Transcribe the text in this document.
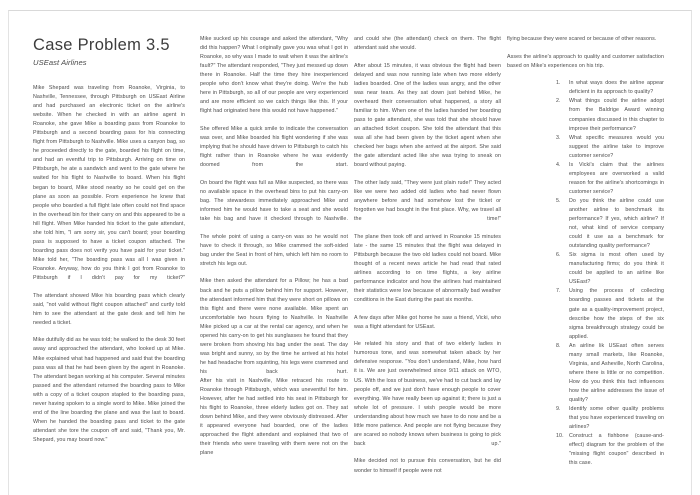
Case Problem 3.5
USEast Airlines

Mike Shepard was traveling from Roanoke, Virginia, to Nashville, Tennessee, through Pittsburgh on USEast Airline and had purchased an electronic ticket on the airline's website. When he checked in with an airline agent in Roanoke, she gave Mike a boarding pass from Roanoke to Pittsburgh and a second boarding pass for his connecting flight from Pittsburgh to Nashville. Mike uses a canyon bag, so he proceeded directly to the gate, boarded his flight on time, and had an eventful trip to Pittsburgh. Arriving on time on Pittsburgh, he ate a sandwich and went to the gate where he waited for his flight to Nashville to board. When his flight began to board, Mike stood nearby so he could get on the plane as soon as possible. From experience he knew that people who boarded a full flight late often could not find space in the overhead bin for their carry on and this appeared to be a hill flight. When Mike handed his ticket to the gate attendant, she told him, "I am sorry sir, you can't board; your boarding pass is supposed to have a ticket coupon attached. The boarding pass does not verify you have paid for your ticket." Mike told her, "The boarding pass was all I was given in Roanoke. Anyway, how do you think I got from Roanoke to Pittsburgh if I didn't pay for my ticket?"

The attendant showed Mike his boarding pass which clearly said, "not valid without flight coupon attached" and curtly told him to see the attendant at the gate desk and tell him he needed a ticket.

Mike dutifully did as he was told; he walked to the desk 30 feet away and approached the attendant, who looked up at Mike. Mike explained what had happened and said that the boarding pass was all that he had been given by the agent in Roanoke. The attendant began working at his computer. Several minutes passed and the attendant returned the boarding pass to Mike with a copy of a ticket coupon stapled to the boarding pass, never having spoken to a single word to Mike. Mike joined the end of the line boarding the plane and was the last to board. When he handed the boarding pass and ticket to the gate attendant she tore the coupon off and said, "Thank you, Mr. Shepard, you may board now."

Mike sucked up his courage and asked the attendant, "Why did this happen? What I originally gave you was what I got in Roanoke, so why was I made to wait when it was the airline's fault?" The attendant responded, "They just messed up down there in Roanoke. Half the time they hire inexperienced people who don't know what they're doing. We're the hub here in Pittsburgh, so all of our people are very experienced and are more efficient so we catch things like this. If your flight had originated here this would not have happened."

She offered Mike a quick smile to indicate the conversation was over, and Mike boarded his flight wondering if she was implying that he should have driven to Pittsburgh to catch his flight rather than in Roanoke where he was evidently doomed from the start.

On board the flight was full as Mike suspected, so there was no available space in the overhead bins to put his carry-on bag. The stewardess immediately approached Mike and informed him he would have to take a seat and she would take his bag and have it checked through to Nashville.

The whole point of using a carry-on was so he would not have to check it through, so Mike crammed the soft-sided bag under the Seat in front of him, which left him no room to stretch his legs out.

Mike then asked the attendant for a Pillow; he has a bad back and he puts a pillow behind him for support. However, the attendant informed him that they were short on pillows on this flight and there were none available. Mike spent an uncomfortable two hours flying to Nashville. In Nashville Mike picked up a car at the rental car agency, and when he opened his carry-on to get his sunglasses he found that they were broken from shoving his bag under the seat. The day was bright and sunny, so by the time he arrived at his hotel he had headache from squinting, his legs were crammed and his back hurt.

After his visit in Nashville, Mike retraced his route to Roanoke through Pittsburgh, which was uneventful for him. However, after he had settled into his seat in Pittsburgh for his flight to Roanoke, three elderly ladies got on. They sat down behind Mike, and they were obviously distressed. After it appeared everyone had boarded, one of the ladies approached the flight attendant and explained that two of their friends who were traveling with them were not on the plane

and could she (the attendant) check on them. The flight attendant said she would.

After about 15 minutes, it was obvious the flight had been delayed and was now running late when two more elderly ladies boarded. One of the ladies was angry, and the other was near tears. As they sat down just behind Mike, he overheard their conversation what happened, a story all familiar to him. When one of the ladies handed her boarding pass to gate attendant, she was told that she should have an attached ticket coupon. She told the attendant that this was all she had been given by the ticket agent when she checked her bags when she arrived at the airport. She said the gate attendant acted like she was trying to sneak on board without paying.

The other lady said, "They were just plain rude!" They acted like we were two added old ladies who had never flown anywhere before and had somehow lost the ticket or forgotten we had bought in the first place. Why, we travel all the time!"

The plane then took off and arrived in Roanoke 15 minutes late - the same 15 minutes that the flight was delayed in Pittsburgh because the two old ladies could not board. Mike thought of a recent news article he had read that rated airlines according to on time flights, a key airline performance indicator and how the airlines had maintained their statistics were low because of abnormally bad weather conditions in the East during the past six months.

A few days after Mike got home he saw a friend, Vicki, who was a flight attendant for USEast.

He related his story and that of two elderly ladies in humorous tone, and was somewhat taken aback by her defensive response. "You don't understand, Mike, how hard it is. We are just overwhelmed since 9/11 attack on WTO, US. With the loss of business, we've had to cut back and lay people off, and we just don't have enough people to cover everything. We have really been up against it; there is just a whole lot of pressure. I wish people would be more understanding about how much we have to do now and be a little more patience. And people are not flying because they are scared so nobody knows when business is going to pick back up."

Mike decided not to pursue this conversation, but he did wonder to himself if people were not

flying because they were scared or because of other reasons.

Asses the airline's approach to quality and customer satisfaction based on Mike's experiences on his trip.

In what ways does the airline appear deficient in its approach to quality?
What things could the airline adopt from the Baldrige Award winning companies discussed in this chapter to improve their performance?
What specific measures would you suggest the airline take to improve customer service?
Is Vicki's claim that the airlines employees are overworked a valid reason for the airline's shortcomings in customer service?
Do you think the airline could use another airline to benchmark its performance? If yes, which airline? If not, what kind of service company could it use as a benchmark for outstanding quality performance?
Six sigma is most often used by manufacturing firms; do you think it could be applied to an airline like USEast?
Using the process of collecting boarding passes and tickets at the gate as a quality-improvement project, describe how the steps of the six sigma breakthrough strategy could be applied.
An airline lik USEast often serves many small markets, like Roanoke, Virginia, and Asheville, North Carolina, where there is little or no competition. How do you think this fact influences how the airline addresses the issue of quality?
Identify some other quality problems that you have experienced traveling on airlines?
Construct a fishbone (cause-and-effect) diagram for the problem of the "missing flight coupon" described in this case.
